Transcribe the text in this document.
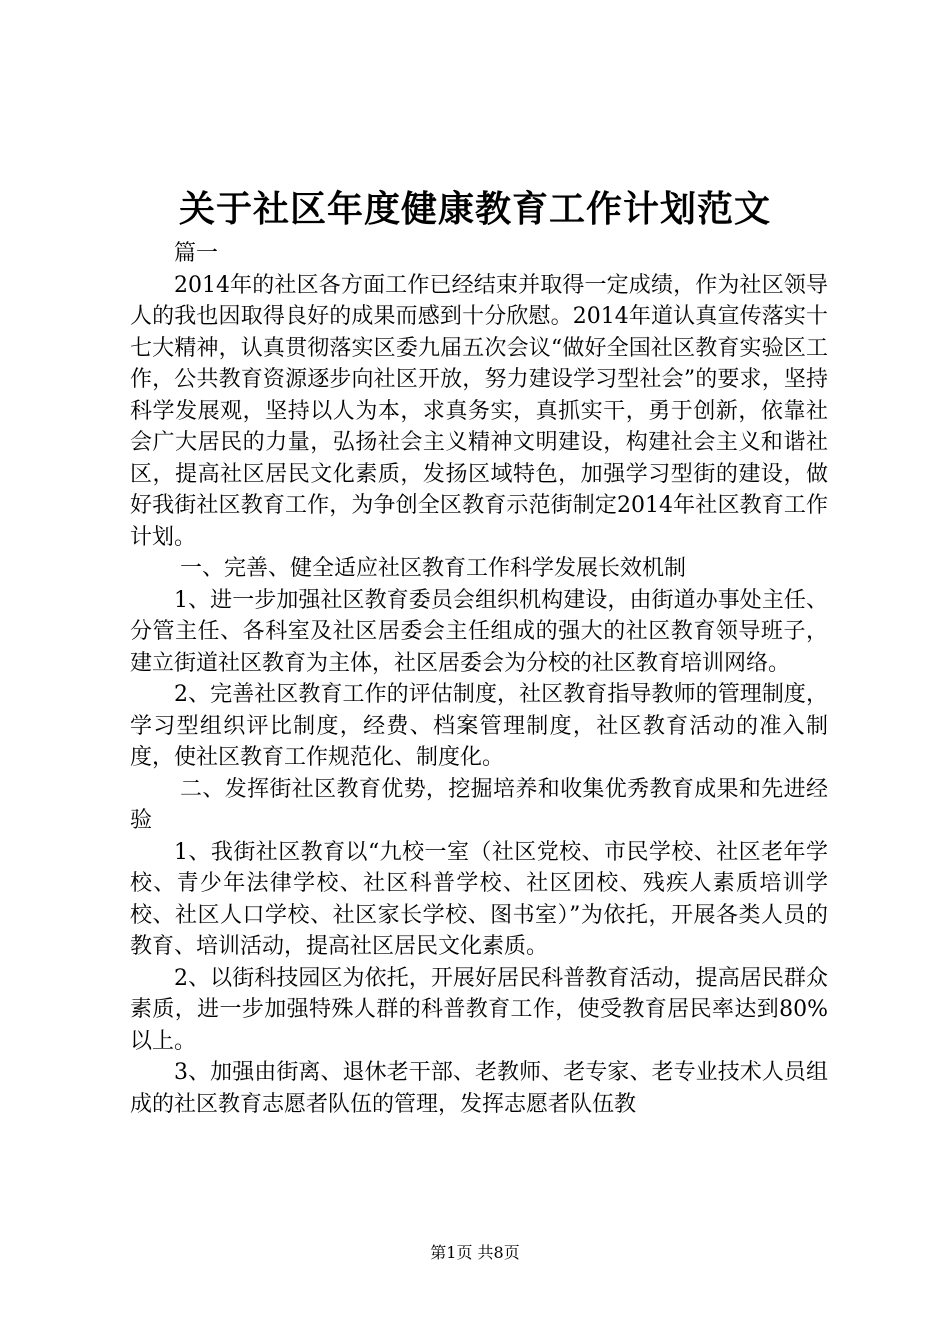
关于社区年度健康教育工作计划范文

篇一

2014年的社区各方面工作已经结束并取得一定成绩，作为社区领导人的我也因取得良好的成果而感到十分欣慰。2014年道认真宣传落实十七大精神，认真贯彻落实区委九届五次会议“做好全国社区教育实验区工作，公共教育资源逐步向社区开放，努力建设学习型社会”的要求，坚持科学发展观，坚持以人为本，求真务实，真抓实干，勇于创新，依靠社会广大居民的力量，弘扬社会主义精神文明建设，构建社会主义和谐社区，提高社区居民文化素质，发扬区域特色，加强学习型街的建设，做好我街社区教育工作，为争创全区教育示范街制定2014年社区教育工作计划。

一、完善、健全适应社区教育工作科学发展长效机制

1、进一步加强社区教育委员会组织机构建设，由街道办事处主任、分管主任、各科室及社区居委会主任组成的强大的社区教育领导班子，建立街道社区教育为主体，社区居委会为分校的社区教育培训网络。

2、完善社区教育工作的评估制度，社区教育指导教师的管理制度，学习型组织评比制度，经费、档案管理制度，社区教育活动的准入制度，使社区教育工作规范化、制度化。

二、发挥街社区教育优势，挖掘培养和收集优秀教育成果和先进经验

1、我街社区教育以“九校一室（社区党校、市民学校、社区老年学校、青少年法律学校、社区科普学校、社区团校、残疾人素质培训学校、社区人口学校、社区家长学校、图书室）”为依托，开展各类人员的教育、培训活动，提高社区居民文化素质。

2、以街科技园区为依托，开展好居民科普教育活动，提高居民群众素质，进一步加强特殊人群的科普教育工作，使受教育居民率达到80%以上。

3、加强由街离、退休老干部、老教师、老专家、老专业技术人员组成的社区教育志愿者队伍的管理，发挥志愿者队伍教

第1页 共8页
